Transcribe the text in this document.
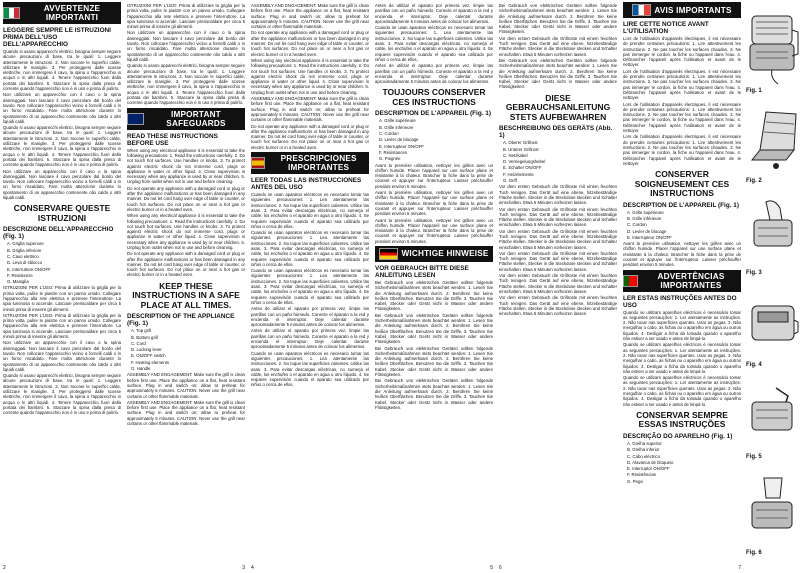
AVVERTENZE IMPORTANTI
LEGGERE SEMPRE LE ISTRUZIONI PRIMA DELL'USO DELL'APPARECCHIO
Quando si usano apparecchi elettrici, bisogna sempre seguire alcune precauzioni di base, tra le quali: 1. Leggere attentamente le istruzioni. 2. Non toccare le superfici calde, utilizzare le maniglie. 3. Per proteggersi dalle scosse elettriche, non immergere il cavo, la spina o l'apparecchio in acqua o in altri liquidi. 4. Tenere l'apparecchio fuori dalla portata dei bambini. 5. Staccare la spina dalla presa di corrente quando l'apparecchio non è in uso e prima di pulirlo.
Non utilizzare un apparecchio con il cavo o la spina danneggiati. Non lasciare il cavo penzolare dal bordo del tavolo. Non collocare l'apparecchio vicino a fornelli caldi o in un forno riscaldato. Fare molta attenzione durante lo spostamento di un apparecchio contenente olio caldo o altri liquidi caldi.
Quando si usano apparecchi elettrici, bisogna sempre seguire alcune precauzioni di base, tra le quali: 1. Leggere attentamente le istruzioni. 2. Non toccare le superfici calde, utilizzare le maniglie. 3. Per proteggersi dalle scosse elettriche, non immergere il cavo, la spina o l'apparecchio in acqua o in altri liquidi. 4. Tenere l'apparecchio fuori dalla portata dei bambini. 5. Staccare la spina dalla presa di corrente quando l'apparecchio non è in uso e prima di pulirlo.
Non utilizzare un apparecchio con il cavo o la spina danneggiati. Non lasciare il cavo penzolare dal bordo del tavolo. Non collocare l'apparecchio vicino a fornelli caldi o in un forno riscaldato. Fare molta attenzione durante lo spostamento di un apparecchio contenente olio caldo o altri liquidi caldi.
CONSERVARE QUESTE ISTRUZIONI
DESCRIZIONE DELL'APPARECCHIO (Fig. 1)
A. Griglia superiore
B. Griglia inferiore
C. Cavo elettrico
D. Leva di sblocco
E. Interruttore ON/OFF
F. Resistenze
G. Maniglia
ISTRUZIONI PER L'USO: Prima di utilizzare la griglia per la prima volta, pulire le piastre con un panno umido. Collegare l'apparecchio alla rete elettrica e premere l'interruttore. La spia luminosa si accende. Lasciare preriscaldare per circa 5 minuti prima di inserire gli alimenti.
ISTRUZIONI PER L'USO: Prima di utilizzare la griglia per la prima volta, pulire le piastre con un panno umido. Collegare l'apparecchio alla rete elettrica e premere l'interruttore. La spia luminosa si accende. Lasciare preriscaldare per circa 5 minuti prima di inserire gli alimenti.
Non utilizzare un apparecchio con il cavo o la spina danneggiati. Non lasciare il cavo penzolare dal bordo del tavolo. Non collocare l'apparecchio vicino a fornelli caldi o in un forno riscaldato. Fare molta attenzione durante lo spostamento di un apparecchio contenente olio caldo o altri liquidi caldi.
Quando si usano apparecchi elettrici, bisogna sempre seguire alcune precauzioni di base, tra le quali: 1. Leggere attentamente le istruzioni. 2. Non toccare le superfici calde, utilizzare le maniglie. 3. Per proteggersi dalle scosse elettriche, non immergere il cavo, la spina o l'apparecchio in acqua o in altri liquidi. 4. Tenere l'apparecchio fuori dalla portata dei bambini. 5. Staccare la spina dalla presa di corrente quando l'apparecchio non è in uso e prima di pulirlo.
2
ISTRUZIONI PER L'USO: Prima di utilizzare la griglia per la prima volta, pulire le piastre con un panno umido. Collegare l'apparecchio alla rete elettrica e premere l'interruttore. La spia luminosa si accende. Lasciare preriscaldare per circa 5 minuti prima di inserire gli alimenti.
Non utilizzare un apparecchio con il cavo o la spina danneggiati. Non lasciare il cavo penzolare dal bordo del tavolo. Non collocare l'apparecchio vicino a fornelli caldi o in un forno riscaldato. Fare molta attenzione durante lo spostamento di un apparecchio contenente olio caldo o altri liquidi caldi.
Quando si usano apparecchi elettrici, bisogna sempre seguire alcune precauzioni di base, tra le quali: 1. Leggere attentamente le istruzioni. 2. Non toccare le superfici calde, utilizzare le maniglie. 3. Per proteggersi dalle scosse elettriche, non immergere il cavo, la spina o l'apparecchio in acqua o in altri liquidi. 4. Tenere l'apparecchio fuori dalla portata dei bambini. 5. Staccare la spina dalla presa di corrente quando l'apparecchio non è in uso e prima di pulirlo.
IMPORTANT SAFEGUARDS
READ THESE INSTRUCTIONS BEFORE USE
When using any electrical appliance it is essential to take the following precautions: 1. Read the instructions carefully. 2. Do not touch hot surfaces. Use handles or knobs. 3. To protect against electric shock do not immerse cord, plugs or appliance in water or other liquid. 4. Close supervision is necessary when any appliance is used by or near children. 5. Unplug from outlet when not in use and before cleaning.
Do not operate any appliance with a damaged cord or plug or after the appliance malfunctions or has been damaged in any manner. Do not let cord hang over edge of table or counter, or touch hot surfaces. Do not place on or near a hot gas or electric burner or in a heated oven.
When using any electrical appliance it is essential to take the following precautions: 1. Read the instructions carefully. 2. Do not touch hot surfaces. Use handles or knobs. 3. To protect against electric shock do not immerse cord, plugs or appliance in water or other liquid. 4. Close supervision is necessary when any appliance is used by or near children. 5. Unplug from outlet when not in use and before cleaning.
Do not operate any appliance with a damaged cord or plug or after the appliance malfunctions or has been damaged in any manner. Do not let cord hang over edge of table or counter, or touch hot surfaces. Do not place on or near a hot gas or electric burner or in a heated oven.
KEEP THESE INSTRUCTIONS IN A SAFE PLACE AT ALL TIMES.
DESCRIPTION OF THE APPLIANCE (Fig. 1)
A. Top grill
B. Bottom grill
C. Cord
D. Locking lever
E. ON/OFF switch
F. Heating elements
G. Handle
ASSEMBLY AND ENGAGEMENT: Make sure the grill is clean before first use. Place the appliance on a flat, heat resistant surface. Plug in and switch on; allow to preheat for approximately 5 minutes. CAUTION: Never use the grill near curtains or other flammable materials.
ASSEMBLY AND ENGAGEMENT: Make sure the grill is clean before first use. Place the appliance on a flat, heat resistant surface. Plug in and switch on; allow to preheat for approximately 5 minutes. CAUTION: Never use the grill near curtains or other flammable materials.
3
ASSEMBLY AND ENGAGEMENT: Make sure the grill is clean before first use. Place the appliance on a flat, heat resistant surface. Plug in and switch on; allow to preheat for approximately 5 minutes. CAUTION: Never use the grill near curtains or other flammable materials.
Do not operate any appliance with a damaged cord or plug or after the appliance malfunctions or has been damaged in any manner. Do not let cord hang over edge of table or counter, or touch hot surfaces. Do not place on or near a hot gas or electric burner or in a heated oven.
When using any electrical appliance it is essential to take the following precautions: 1. Read the instructions carefully. 2. Do not touch hot surfaces. Use handles or knobs. 3. To protect against electric shock do not immerse cord, plugs or appliance in water or other liquid. 4. Close supervision is necessary when any appliance is used by or near children. 5. Unplug from outlet when not in use and before cleaning.
ASSEMBLY AND ENGAGEMENT: Make sure the grill is clean before first use. Place the appliance on a flat, heat resistant surface. Plug in and switch on; allow to preheat for approximately 5 minutes. CAUTION: Never use the grill near curtains or other flammable materials.
Do not operate any appliance with a damaged cord or plug or after the appliance malfunctions or has been damaged in any manner. Do not let cord hang over edge of table or counter, or touch hot surfaces. Do not place on or near a hot gas or electric burner or in a heated oven.
PRESCRIPCIONES IMPORTANTES
LEER TODAS LAS INSTRUCCIONES ANTES DEL USO
Cuando se usan aparatos eléctricos es necesario tomar las siguientes precauciones: 1. Lea atentamente las instrucciones. 2. No toque las superficies calientes. Utilice las asas. 3. Para evitar descargas eléctricas, no sumerja el cable, los enchufes o el aparato en agua u otro líquido. 4. Se requiere supervisión cuando el aparato sea utilizado por niños o cerca de ellos.
Cuando se usan aparatos eléctricos es necesario tomar las siguientes precauciones: 1. Lea atentamente las instrucciones. 2. No toque las superficies calientes. Utilice las asas. 3. Para evitar descargas eléctricas, no sumerja el cable, los enchufes o el aparato en agua u otro líquido. 4. Se requiere supervisión cuando el aparato sea utilizado por niños o cerca de ellos.
Cuando se usan aparatos eléctricos es necesario tomar las siguientes precauciones: 1. Lea atentamente las instrucciones. 2. No toque las superficies calientes. Utilice las asas. 3. Para evitar descargas eléctricas, no sumerja el cable, los enchufes o el aparato en agua u otro líquido. 4. Se requiere supervisión cuando el aparato sea utilizado por niños o cerca de ellos.
Antes de utilizar el aparato por primera vez, limpie las parrillas con un paño húmedo. Conecte el aparato a la red y encienda el interruptor. Deje calentar durante aproximadamente 5 minutos antes de colocar los alimentos.
Antes de utilizar el aparato por primera vez, limpie las parrillas con un paño húmedo. Conecte el aparato a la red y encienda el interruptor. Deje calentar durante aproximadamente 5 minutos antes de colocar los alimentos.
Cuando se usan aparatos eléctricos es necesario tomar las siguientes precauciones: 1. Lea atentamente las instrucciones. 2. No toque las superficies calientes. Utilice las asas. 3. Para evitar descargas eléctricas, no sumerja el cable, los enchufes o el aparato en agua u otro líquido. 4. Se requiere supervisión cuando el aparato sea utilizado por niños o cerca de ellos.
4
Antes de utilizar el aparato por primera vez, limpie las parrillas con un paño húmedo. Conecte el aparato a la red y encienda el interruptor. Deje calentar durante aproximadamente 5 minutos antes de colocar los alimentos.
Cuando se usan aparatos eléctricos es necesario tomar las siguientes precauciones: 1. Lea atentamente las instrucciones. 2. No toque las superficies calientes. Utilice las asas. 3. Para evitar descargas eléctricas, no sumerja el cable, los enchufes o el aparato en agua u otro líquido. 4. Se requiere supervisión cuando el aparato sea utilizado por niños o cerca de ellos.
Antes de utilizar el aparato por primera vez, limpie las parrillas con un paño húmedo. Conecte el aparato a la red y encienda el interruptor. Deje calentar durante aproximadamente 5 minutos antes de colocar los alimentos.
TOUJOURS CONSERVER CES INSTRUCTIONS
DESCRIPTION DE L'APPAREIL (Fig. 1)
A. Grille supérieure
B. Grille inférieure
C. Cordon
D. Levier de blocage
E. Interrupteur ON/OFF
F. Résistances
G. Poignée
Avant la première utilisation, nettoyer les grilles avec un chiffon humide. Placer l'appareil sur une surface plane et résistante à la chaleur. Brancher la fiche dans la prise de courant et appuyer sur l'interrupteur. Laisser préchauffer pendant environ 5 minutes.
Avant la première utilisation, nettoyer les grilles avec un chiffon humide. Placer l'appareil sur une surface plane et résistante à la chaleur. Brancher la fiche dans la prise de courant et appuyer sur l'interrupteur. Laisser préchauffer pendant environ 5 minutes.
Avant la première utilisation, nettoyer les grilles avec un chiffon humide. Placer l'appareil sur une surface plane et résistante à la chaleur. Brancher la fiche dans la prise de courant et appuyer sur l'interrupteur. Laisser préchauffer pendant environ 5 minutes.
WICHTIGE HINWEISE
VOR GEBRAUCH BITTE DIESE ANLEITUNG LESEN
Bei Gebrauch von elektrischen Geräten sollten folgende Sicherheitsmaßnahmen stets beachtet werden: 1. Lesen Sie die Anleitung aufmerksam durch. 2. Berühren Sie keine heißen Oberflächen. Benutzen Sie die Griffe. 3. Tauchen Sie Kabel, Stecker oder Gerät nicht in Wasser oder andere Flüssigkeiten.
Bei Gebrauch von elektrischen Geräten sollten folgende Sicherheitsmaßnahmen stets beachtet werden: 1. Lesen Sie die Anleitung aufmerksam durch. 2. Berühren Sie keine heißen Oberflächen. Benutzen Sie die Griffe. 3. Tauchen Sie Kabel, Stecker oder Gerät nicht in Wasser oder andere Flüssigkeiten.
Bei Gebrauch von elektrischen Geräten sollten folgende Sicherheitsmaßnahmen stets beachtet werden: 1. Lesen Sie die Anleitung aufmerksam durch. 2. Berühren Sie keine heißen Oberflächen. Benutzen Sie die Griffe. 3. Tauchen Sie Kabel, Stecker oder Gerät nicht in Wasser oder andere Flüssigkeiten.
Bei Gebrauch von elektrischen Geräten sollten folgende Sicherheitsmaßnahmen stets beachtet werden: 1. Lesen Sie die Anleitung aufmerksam durch. 2. Berühren Sie keine heißen Oberflächen. Benutzen Sie die Griffe. 3. Tauchen Sie Kabel, Stecker oder Gerät nicht in Wasser oder andere Flüssigkeiten.
5
Bei Gebrauch von elektrischen Geräten sollten folgende Sicherheitsmaßnahmen stets beachtet werden: 1. Lesen Sie die Anleitung aufmerksam durch. 2. Berühren Sie keine heißen Oberflächen. Benutzen Sie die Griffe. 3. Tauchen Sie Kabel, Stecker oder Gerät nicht in Wasser oder andere Flüssigkeiten.
Vor dem ersten Gebrauch die Grillroste mit einem feuchten Tuch reinigen. Das Gerät auf eine ebene, hitzebeständige Fläche stellen. Stecker in die Steckdose stecken und Schalter einschalten. Etwa 5 Minuten vorheizen lassen.
Bei Gebrauch von elektrischen Geräten sollten folgende Sicherheitsmaßnahmen stets beachtet werden: 1. Lesen Sie die Anleitung aufmerksam durch. 2. Berühren Sie keine heißen Oberflächen. Benutzen Sie die Griffe. 3. Tauchen Sie Kabel, Stecker oder Gerät nicht in Wasser oder andere Flüssigkeiten.
DIESE GEBRAUCHSANLEITUNG STETS AUFBEWAHREN
BESCHREIBUNG DES GERÄTS (Abb. 1)
A. Oberer Grillrost
B. Unterer Grillrost
C. Netzkabel
D. Verriegelungshebel
E. Schalter ON/OFF
F. Heizelemente
G. Griff
Vor dem ersten Gebrauch die Grillroste mit einem feuchten Tuch reinigen. Das Gerät auf eine ebene, hitzebeständige Fläche stellen. Stecker in die Steckdose stecken und Schalter einschalten. Etwa 5 Minuten vorheizen lassen.
Vor dem ersten Gebrauch die Grillroste mit einem feuchten Tuch reinigen. Das Gerät auf eine ebene, hitzebeständige Fläche stellen. Stecker in die Steckdose stecken und Schalter einschalten. Etwa 5 Minuten vorheizen lassen.
Vor dem ersten Gebrauch die Grillroste mit einem feuchten Tuch reinigen. Das Gerät auf eine ebene, hitzebeständige Fläche stellen. Stecker in die Steckdose stecken und Schalter einschalten. Etwa 5 Minuten vorheizen lassen.
Vor dem ersten Gebrauch die Grillroste mit einem feuchten Tuch reinigen. Das Gerät auf eine ebene, hitzebeständige Fläche stellen. Stecker in die Steckdose stecken und Schalter einschalten. Etwa 5 Minuten vorheizen lassen.
Vor dem ersten Gebrauch die Grillroste mit einem feuchten Tuch reinigen. Das Gerät auf eine ebene, hitzebeständige Fläche stellen. Stecker in die Steckdose stecken und Schalter einschalten. Etwa 5 Minuten vorheizen lassen.
Vor dem ersten Gebrauch die Grillroste mit einem feuchten Tuch reinigen. Das Gerät auf eine ebene, hitzebeständige Fläche stellen. Stecker in die Steckdose stecken und Schalter einschalten. Etwa 5 Minuten vorheizen lassen.
6
AVIS IMPORTANTS
LIRE CETTE NOTICE AVANT L'UTILISATION
Lors de l'utilisation d'appareils électriques, il est nécessaire de prendre certaines précautions: 1. Lire attentivement les instructions. 2. Ne pas toucher les surfaces chaudes. 3. Ne pas immerger le cordon, la fiche ou l'appareil dans l'eau. 4. Débrancher l'appareil après l'utilisation et avant de le nettoyer.
Lors de l'utilisation d'appareils électriques, il est nécessaire de prendre certaines précautions: 1. Lire attentivement les instructions. 2. Ne pas toucher les surfaces chaudes. 3. Ne pas immerger le cordon, la fiche ou l'appareil dans l'eau. 4. Débrancher l'appareil après l'utilisation et avant de le nettoyer.
Lors de l'utilisation d'appareils électriques, il est nécessaire de prendre certaines précautions: 1. Lire attentivement les instructions. 2. Ne pas toucher les surfaces chaudes. 3. Ne pas immerger le cordon, la fiche ou l'appareil dans l'eau. 4. Débrancher l'appareil après l'utilisation et avant de le nettoyer.
Lors de l'utilisation d'appareils électriques, il est nécessaire de prendre certaines précautions: 1. Lire attentivement les instructions. 2. Ne pas toucher les surfaces chaudes. 3. Ne pas immerger le cordon, la fiche ou l'appareil dans l'eau. 4. Débrancher l'appareil après l'utilisation et avant de le nettoyer.
CONSERVER SOIGNEUSEMENT CES INSTRUCTIONS
DESCRIPTION DE L'APPAREIL (Fig. 1)
A. Grille supérieure
B. Grille inférieure
C. Cordon
D. Levier de blocage
E. Interrupteur ON/OFF
Avant la première utilisation, nettoyer les grilles avec un chiffon humide. Placer l'appareil sur une surface plane et résistante à la chaleur. Brancher la fiche dans la prise de courant et appuyer sur l'interrupteur. Laisser préchauffer pendant environ 5 minutes.
ADVERTÊNCIAS IMPORTANTES
LER ESTAS INSTRUÇÕES ANTES DO USO
Quando se utilizam aparelhos eléctricos é necessário tomar as seguintes precauções: 1. Ler atentamente as instruções. 2. Não tocar nas superfícies quentes. Usar as pegas. 3. Não mergulhar o cabo, as fichas ou o aparelho em água ou outros líquidos. 4. Desligar a ficha da tomada quando o aparelho não estiver a ser usado e antes de limpá-lo.
Quando se utilizam aparelhos eléctricos é necessário tomar as seguintes precauções: 1. Ler atentamente as instruções. 2. Não tocar nas superfícies quentes. Usar as pegas. 3. Não mergulhar o cabo, as fichas ou o aparelho em água ou outros líquidos. 4. Desligar a ficha da tomada quando o aparelho não estiver a ser usado e antes de limpá-lo.
Quando se utilizam aparelhos eléctricos é necessário tomar as seguintes precauções: 1. Ler atentamente as instruções. 2. Não tocar nas superfícies quentes. Usar as pegas. 3. Não mergulhar o cabo, as fichas ou o aparelho em água ou outros líquidos. 4. Desligar a ficha da tomada quando o aparelho não estiver a ser usado e antes de limpá-lo.
CONSERVAR SEMPRE ESSAS INSTRUÇÕES
DESCRIÇÃO DO APARELHO (Fig. 1)
A. Grelha superior
B. Grelha inferior
C. Cabo eléctrico
D. Alavanca de bloqueio
E. Interruptor ON/OFF
F. Resistências
G. Pega
7
Fig. 1
Fig. 2
Fig. 3
Fig. 4
Fig. 5
Fig. 6
